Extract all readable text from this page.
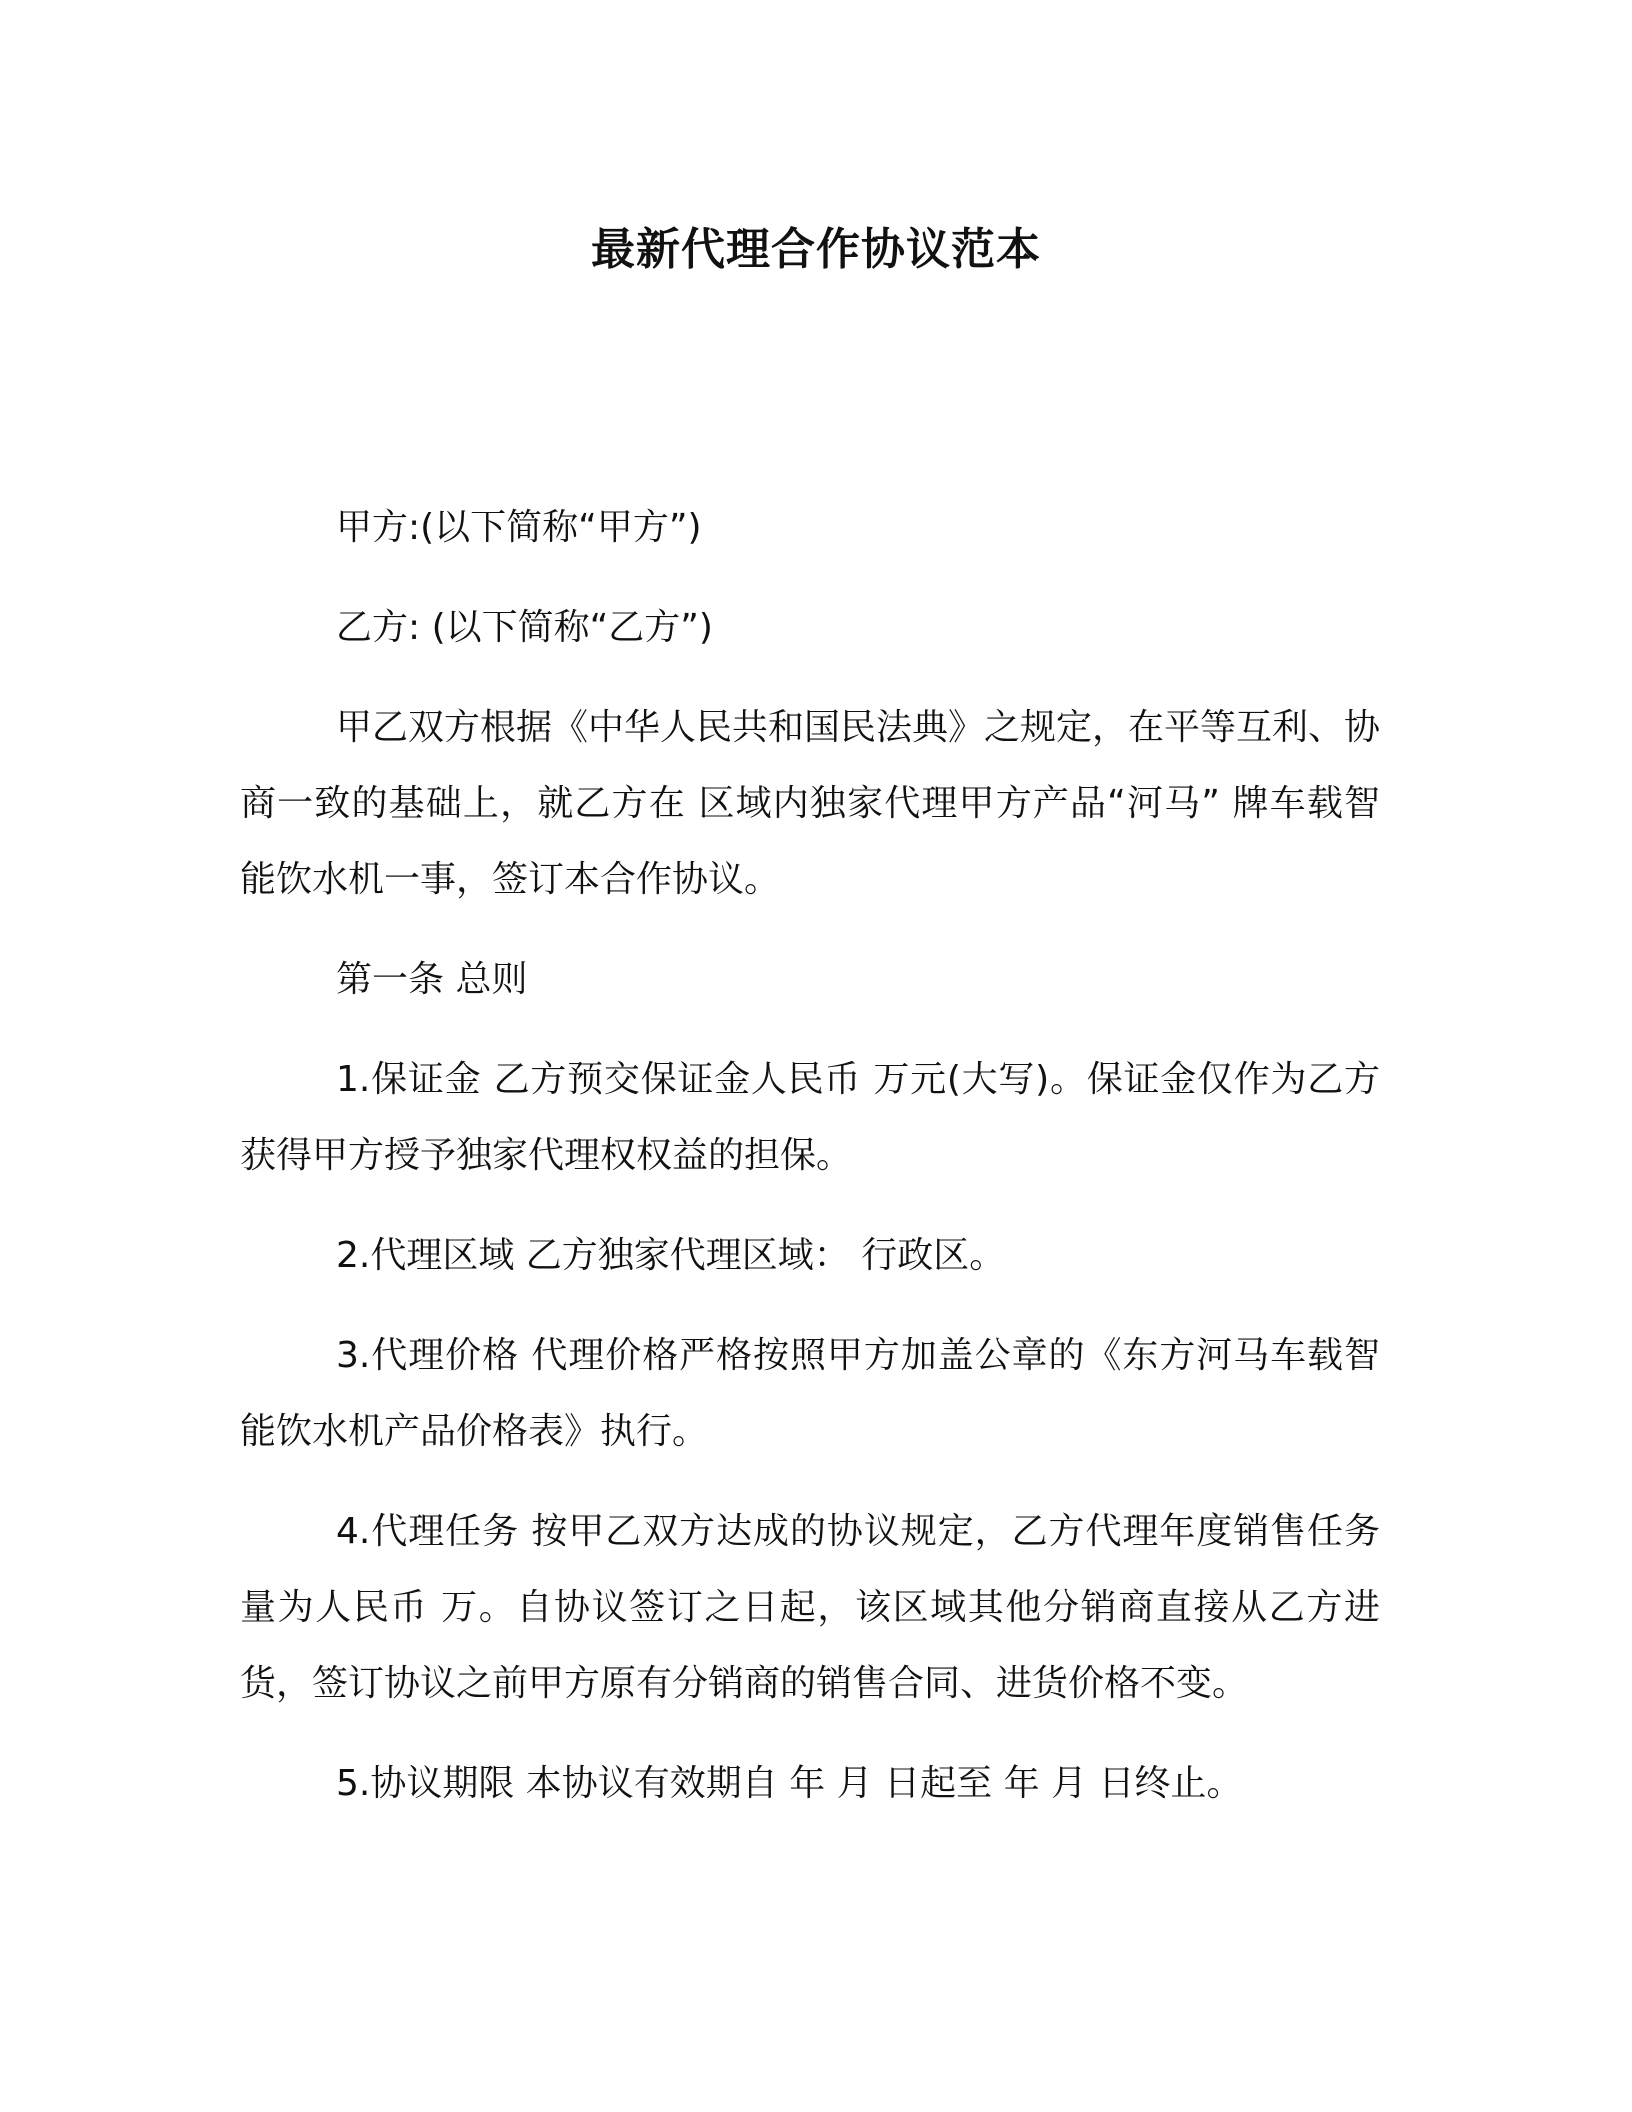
最新代理合作协议范本

甲方:(以下简称“甲方”)

乙方: (以下简称“乙方”)

甲乙双方根据《中华人民共和国民法典》之规定，在平等互利、协商一致的基础上，就乙方在 区域内独家代理甲方产品“河马” 牌车载智能饮水机一事，签订本合作协议。

第一条 总则

1.保证金 乙方预交保证金人民币 万元(大写)。保证金仅作为乙方获得甲方授予独家代理权权益的担保。

2.代理区域 乙方独家代理区域： 行政区。

3.代理价格 代理价格严格按照甲方加盖公章的《东方河马车载智能饮水机产品价格表》执行。

4.代理任务 按甲乙双方达成的协议规定，乙方代理年度销售任务量为人民币 万。自协议签订之日起，该区域其他分销商直接从乙方进货，签订协议之前甲方原有分销商的销售合同、进货价格不变。

5.协议期限 本协议有效期自 年 月 日起至 年 月 日终止。
